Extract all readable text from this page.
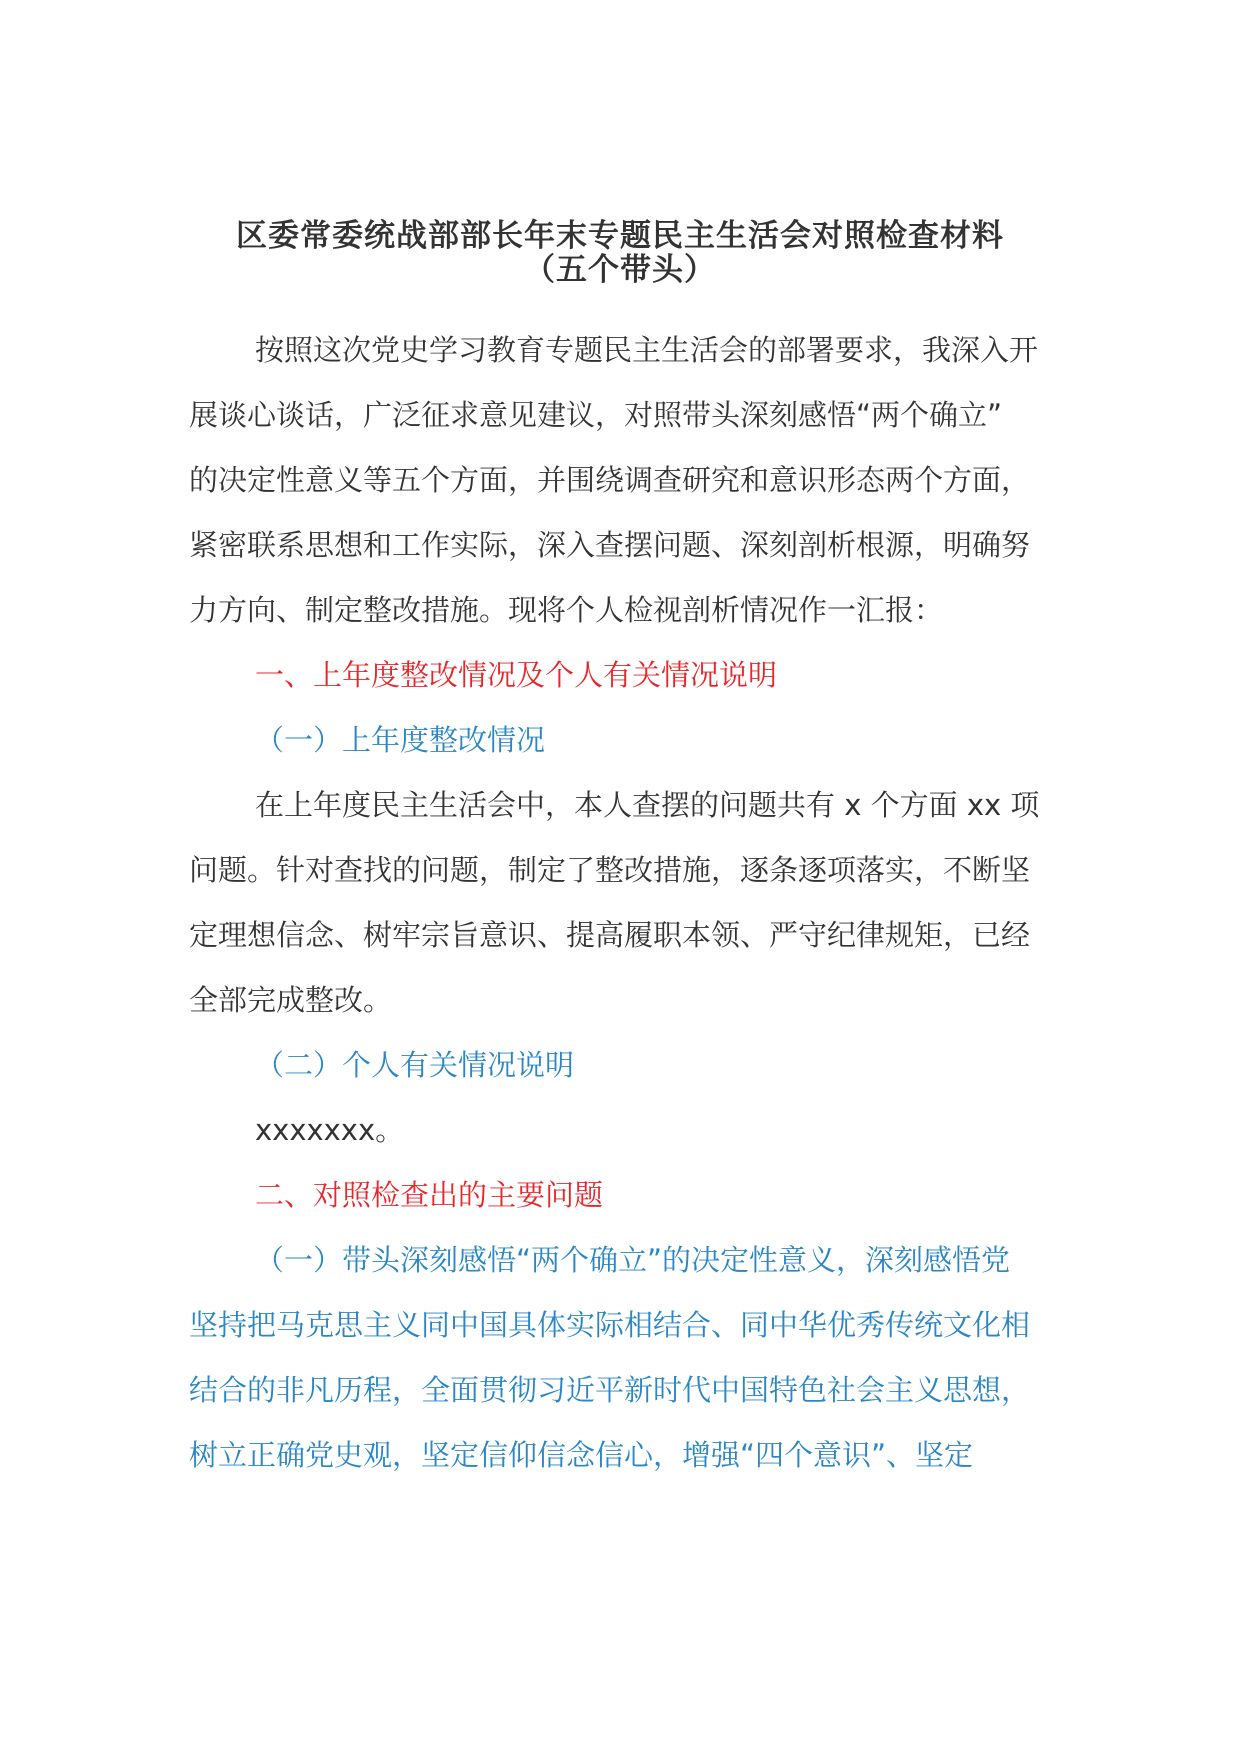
区委常委统战部部长年末专题民主生活会对照检查材料
（五个带头）
按照这次党史学习教育专题民主生活会的部署要求，我深入开
展谈心谈话，广泛征求意见建议，对照带头深刻感悟“两个确立”
的决定性意义等五个方面，并围绕调查研究和意识形态两个方面，
紧密联系思想和工作实际，深入查摆问题、深刻剖析根源，明确努
力方向、制定整改措施。现将个人检视剖析情况作一汇报：
一、上年度整改情况及个人有关情况说明
（一）上年度整改情况
在上年度民主生活会中，本人查摆的问题共有 x 个方面 xx 项
问题。针对查找的问题，制定了整改措施，逐条逐项落实，不断坚
定理想信念、树牢宗旨意识、提高履职本领、严守纪律规矩，已经
全部完成整改。
（二）个人有关情况说明
xxxxxxx。
二、对照检查出的主要问题
（一）带头深刻感悟“两个确立”的决定性意义，深刻感悟党
坚持把马克思主义同中国具体实际相结合、同中华优秀传统文化相
结合的非凡历程，全面贯彻习近平新时代中国特色社会主义思想，
树立正确党史观，坚定信仰信念信心，增强“四个意识”、坚定
